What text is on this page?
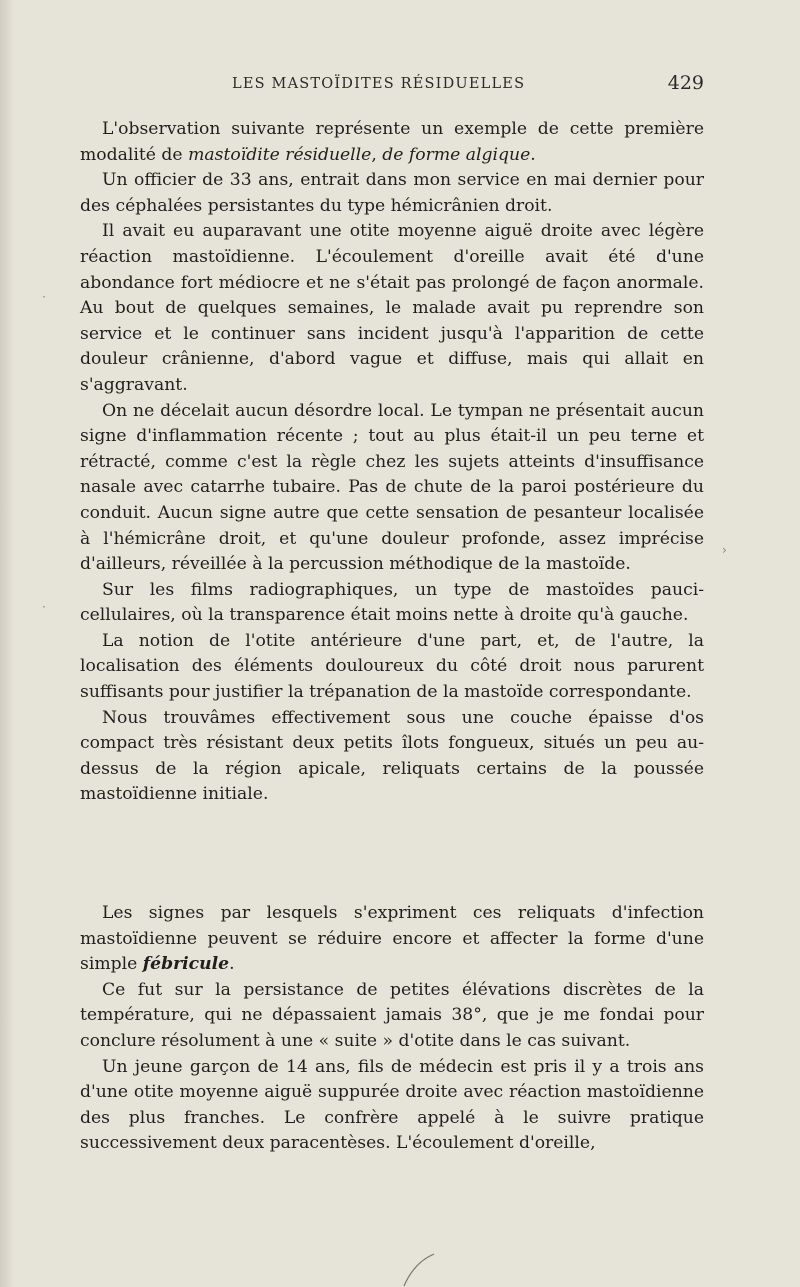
LES MASTOÏDITES RÉSIDUELLES	429

L'observation suivante représente un exemple de cette première modalité de mastoïdite résiduelle, de forme algique.

Un officier de 33 ans, entrait dans mon service en mai dernier pour des céphalées persistantes du type hémicrânien droit.

Il avait eu auparavant une otite moyenne aiguë droite avec légère réaction mastoïdienne. L'écoulement d'oreille avait été d'une abondance fort médiocre et ne s'était pas prolongé de façon anormale. Au bout de quelques semaines, le malade avait pu reprendre son service et le continuer sans incident jusqu'à l'apparition de cette douleur crânienne, d'abord vague et diffuse, mais qui allait en s'aggravant.

On ne décelait aucun désordre local. Le tympan ne présentait aucun signe d'inflammation récente ; tout au plus était-il un peu terne et rétracté, comme c'est la règle chez les sujets atteints d'insuffisance nasale avec catarrhe tubaire. Pas de chute de la paroi postérieure du conduit. Aucun signe autre que cette sensation de pesanteur localisée à l'hémicrâne droit, et qu'une douleur profonde, assez imprécise d'ailleurs, réveillée à la percussion méthodique de la mastoïde.

Sur les films radiographiques, un type de mastoïdes pauci-cellulaires, où la transparence était moins nette à droite qu'à gauche.

La notion de l'otite antérieure d'une part, et, de l'autre, la localisation des éléments douloureux du côté droit nous parurent suffisants pour justifier la trépanation de la mastoïde correspondante.

Nous trouvâmes effectivement sous une couche épaisse d'os compact très résistant deux petits îlots fongueux, situés un peu au-dessus de la région apicale, reliquats certains de la poussée mastoïdienne initiale.

Les signes par lesquels s'expriment ces reliquats d'infection mastoïdienne peuvent se réduire encore et affecter la forme d'une simple fébricule.

Ce fut sur la persistance de petites élévations discrètes de la température, qui ne dépassaient jamais 38°, que je me fondai pour conclure résolument à une « suite » d'otite dans le cas suivant.

Un jeune garçon de 14 ans, fils de médecin est pris il y a trois ans d'une otite moyenne aiguë suppurée droite avec réaction mastoïdienne des plus franches. Le confrère appelé à le suivre pratique successivement deux paracentèses. L'écoulement d'oreille,

›
·
·
